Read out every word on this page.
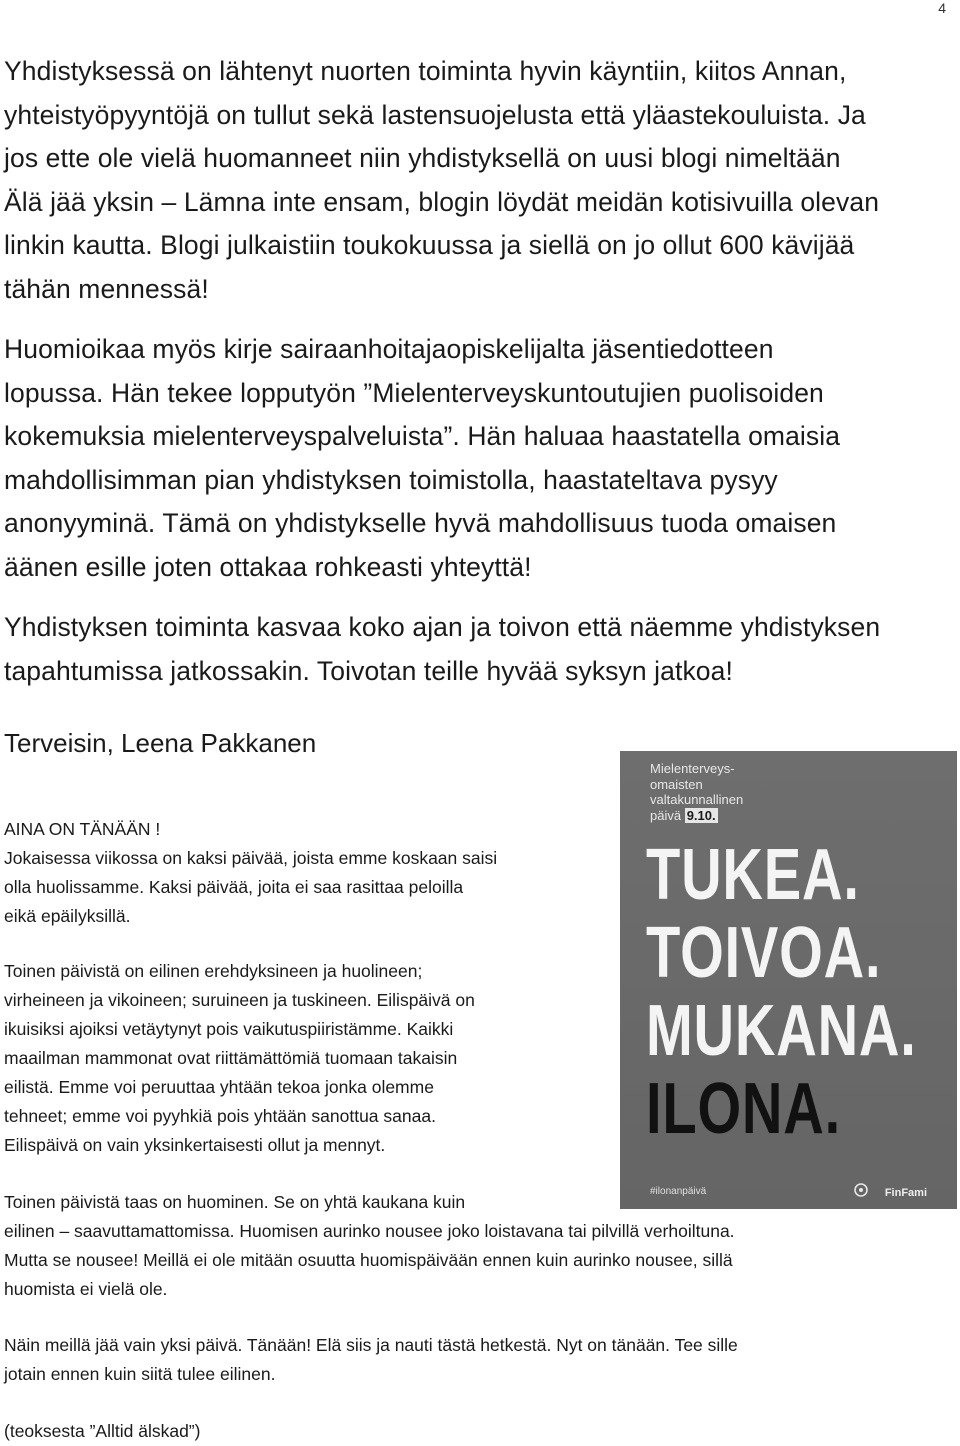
4

Yhdistyksessä on lähtenyt nuorten toiminta hyvin käyntiin, kiitos Annan,
yhteistyöpyyntöjä on tullut sekä lastensuojelusta että yläastekouluista. Ja
jos ette ole vielä huomanneet niin yhdistyksellä on uusi blogi nimeltään
Älä jää yksin – Lämna inte ensam, blogin löydät meidän kotisivuilla olevan
linkin kautta. Blogi julkaistiin toukokuussa ja siellä on jo ollut 600 kävijää
tähän mennessä!

Huomioikaa myös kirje sairaanhoitajaopiskelijalta jäsentiedotteen
lopussa. Hän tekee lopputyön ”Mielenterveyskuntoutujien puolisoiden
kokemuksia mielenterveyspalveluista”. Hän haluaa haastatella omaisia
mahdollisimman pian yhdistyksen toimistolla, haastateltava pysyy
anonyyminä. Tämä on yhdistykselle hyvä mahdollisuus tuoda omaisen
äänen esille joten ottakaa rohkeasti yhteyttä!

Yhdistyksen toiminta kasvaa koko ajan ja toivon että näemme yhdistyksen
tapahtumissa jatkossakin. Toivotan teille hyvää syksyn jatkoa!

Terveisin, Leena Pakkanen

AINA ON TÄNÄÄN !

Jokaisessa viikossa on kaksi päivää, joista emme koskaan saisi
olla huolissamme. Kaksi päivää, joita ei saa rasittaa peloilla
eikä epäilyksillä.

Toinen päivistä on eilinen erehdyksineen ja huolineen;
virheineen ja vikoineen; suruineen ja tuskineen. Eilispäivä on
ikuisiksi ajoiksi vetäytynyt pois vaikutuspiiristämme. Kaikki
maailman mammonat ovat riittämättömiä tuomaan takaisin
eilistä. Emme voi peruuttaa yhtään tekoa jonka olemme
tehneet; emme voi pyyhkiä pois yhtään sanottua sanaa.
Eilispäivä on vain yksinkertaisesti ollut ja mennyt.

Toinen päivistä taas on huominen. Se on yhtä kaukana kuin
eilinen – saavuttamattomissa. Huomisen aurinko nousee joko loistavana tai pilvillä verhoiltuna.
Mutta se nousee! Meillä ei ole mitään osuutta huomispäivään ennen kuin aurinko nousee, sillä
huomista ei vielä ole.

Näin meillä jää vain yksi päivä. Tänään! Elä siis ja nauti tästä hetkestä. Nyt on tänään. Tee sille
jotain ennen kuin siitä tulee eilinen.

(teoksesta ”Alltid älskad”)

Mielenterveys-
omaisten
valtakunnallinen
päivä 9.10.
TUKEA.
TOIVOA.
MUKANA.
ILONA.
#ilonanpäivä	FinFami
